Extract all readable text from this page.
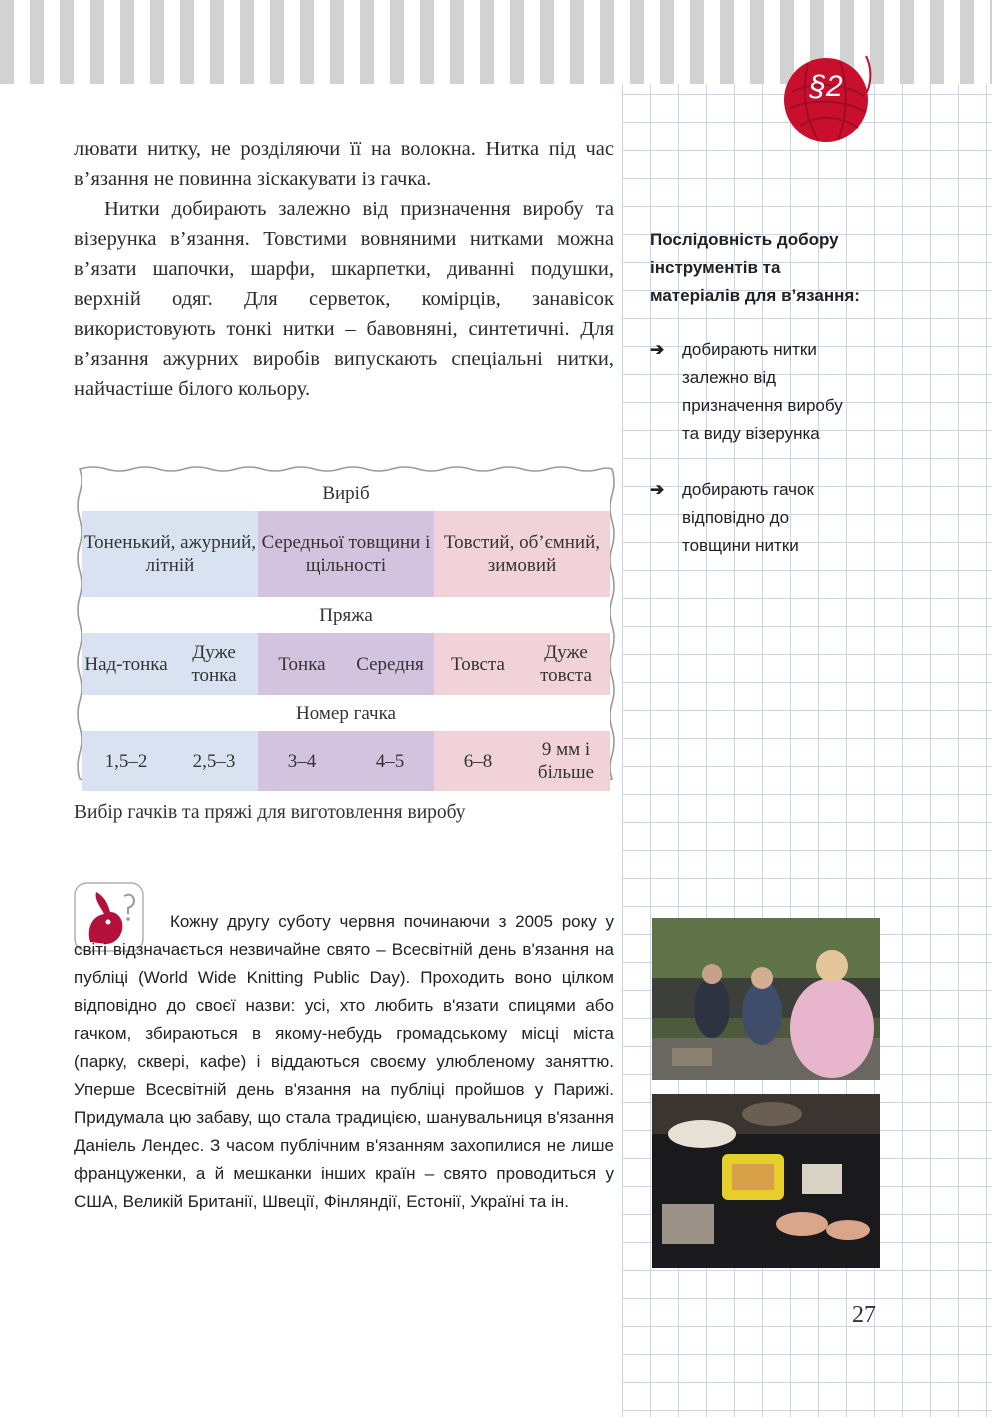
§2

лювати нитку, не розділяючи її на волокна. Нитка під час в’язання не повинна зіскакувати із гачка.

Нитки добирають залежно від призначення виробу та візерунка в’язання. Товстими вовняними нитками можна в’язати шапочки, шарфи, шкарпетки, диванні подушки, верхній одяг. Для серветок, комірців, занавісок використовують тонкі нитки – бавовняні, синтетичні. Для в’язання ажурних виробів випускають спеціальні нитки, найчастіше білого кольору.

Послідовність добору інструментів та матеріалів для в’язання:
➔ добирають нитки залежно від призначення виробу та виду візерунка
➔ добирають гачок відповідно до товщини нитки
Виріб					
Тоненький, ажурний, літній		Середньої товщини і щільності		Товстий, об’ємний, зимовий	
Пряжа					
Над-тонка	Дуже тонка	Тонка	Середня	Товста	Дуже товста
Номер гачка					
1,5–2	2,5–3	3–4	4–5	6–8	9 мм і більше
Вибір гачків та пряжі для виготовлення виробу

Кожну другу суботу червня починаючи з 2005 року у світі відзначається незвичайне свято – Всесвітній день в'язання на публіці (World Wide Knitting Public Day). Проходить воно цілком відповідно до своєї назви: усі, хто любить в'язати спицями або гачком, збираються в якому-небудь громадському місці міста (парку, сквері, кафе) і віддаються своєму улюбленому заняттю. Уперше Всесвітній день в'язання на публіці пройшов у Парижі. Придумала цю забаву, що стала традицією, шанувальниця в'язання Даніель Лендес. З часом публічним в'язанням захопилися не лише француженки, а й мешканки інших країн – свято проводиться у США, Великій Британії, Швеції, Фінляндії, Естонії, Україні та ін.

27
